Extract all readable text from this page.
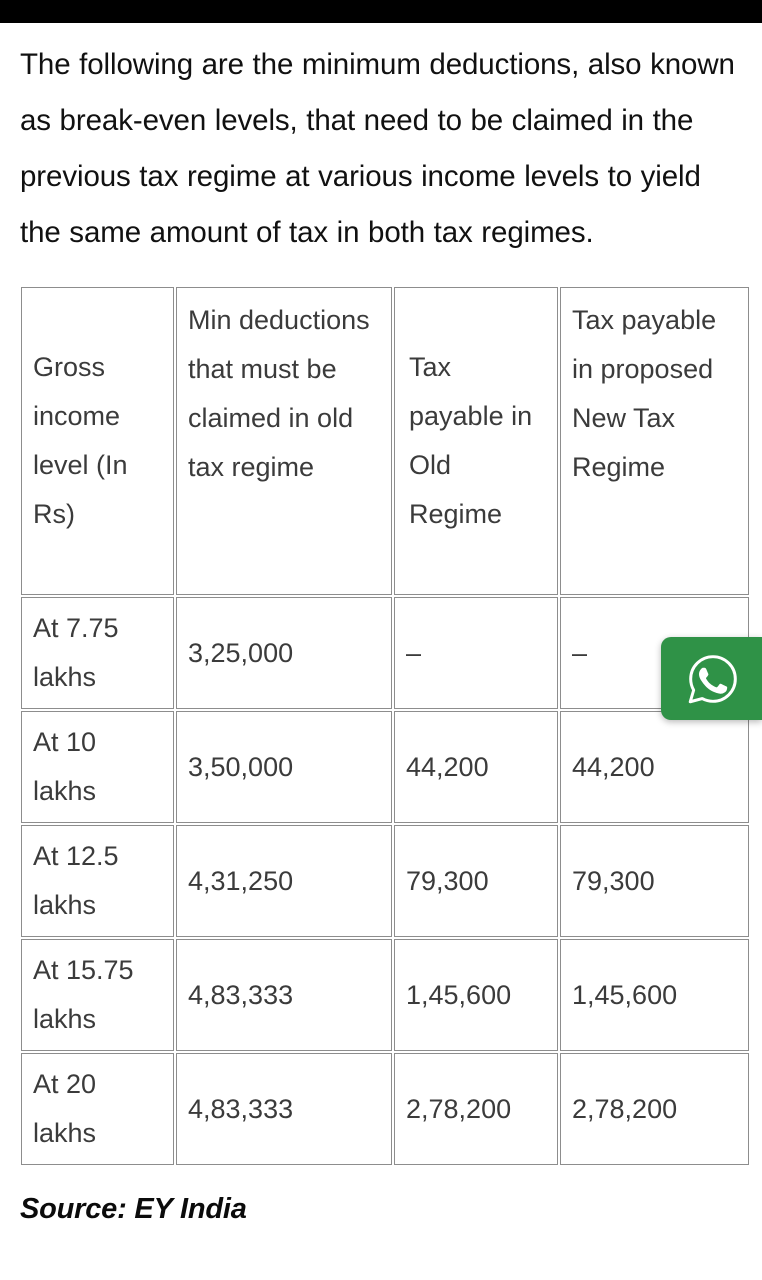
The following are the minimum deductions, also known as break-even levels, that need to be claimed in the previous tax regime at various income levels to yield the same amount of tax in both tax regimes.

Gross income level (In Rs)	Min deductions that must be claimed in old tax regime	Tax payable in Old Regime	Tax payable in proposed New Tax Regime
At 7.75 lakhs	3,25,000	–	–
At 10 lakhs	3,50,000	44,200	44,200
At 12.5 lakhs	4,31,250	79,300	79,300
At 15.75 lakhs	4,83,333	1,45,600	1,45,600
At 20 lakhs	4,83,333	2,78,200	2,78,200

Source: EY India
